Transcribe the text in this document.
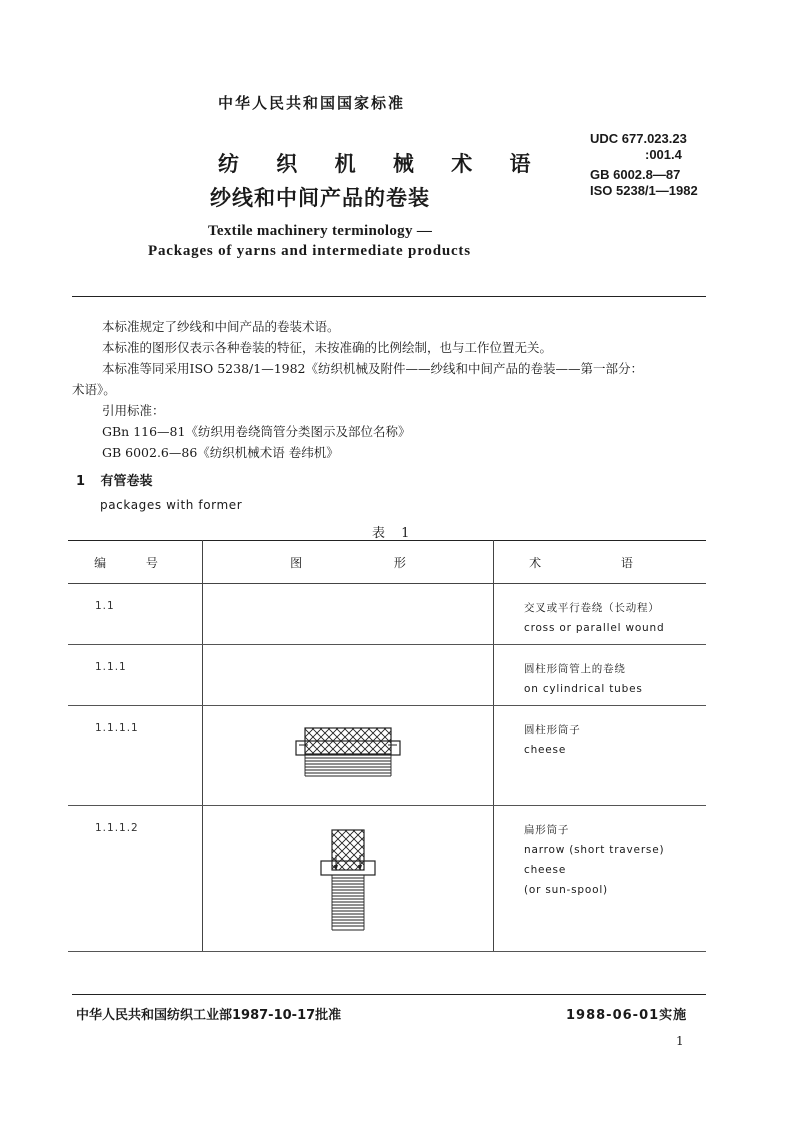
中华人民共和国国家标准
纺 织 机 械 术 语
纱线和中间产品的卷装
Textile machinery terminology —
Packages of yarns and intermediate products
UDC 677.023.23
:001.4
GB 6002.8—87
ISO 5238/1—1982

本标准规定了纱线和中间产品的卷装术语。

本标准的图形仅表示各种卷装的特征，未按准确的比例绘制，也与工作位置无关。

本标准等同采用ISO 5238/1—1982《纺织机械及附件——纱线和中间产品的卷装——第一部分：

术语》。

引用标准：

GBn 116—81《纺织用卷绕筒管分类图示及部位名称》

GB 6002.6—86《纺织机械术语 卷纬机》

1 有管卷装
packages with former
表 1
编 号	图 形	术 语
1.1		交叉或平行卷绕（长动程）
cross or parallel wound

1.1.1		圆柱形筒管上的卷绕
on cylindrical tubes

1.1.1.1		圆柱形筒子
cheese

1.1.1.2		扁形筒子
narrow (short traverse) cheese
(or sun-spool)
中华人民共和国纺织工业部1987-10-17批准	1988-06-01实施
1
